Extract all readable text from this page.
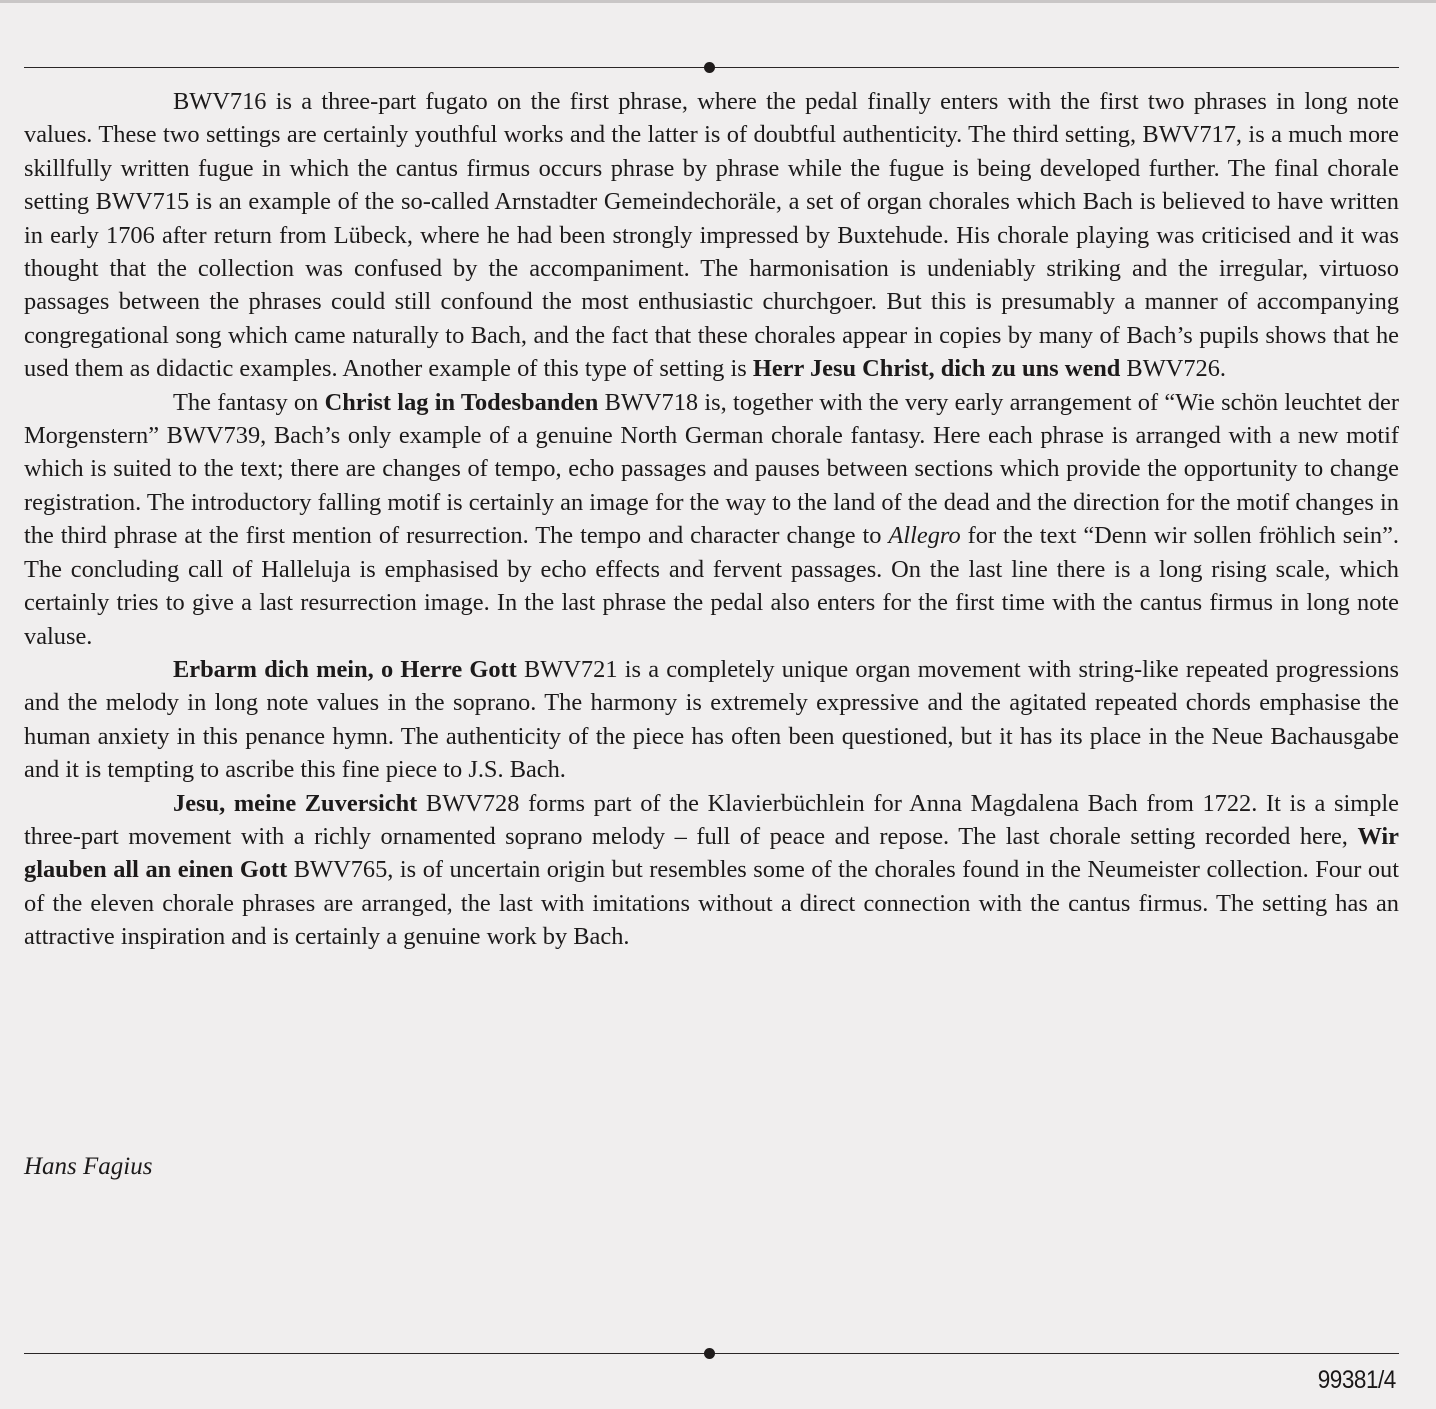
BWV716 is a three-part fugato on the first phrase, where the pedal finally enters with the first two phrases in long note values. These two settings are certainly youthful works and the latter is of doubtful authenticity. The third setting, BWV717, is a much more skillfully written fugue in which the cantus firmus occurs phrase by phrase while the fugue is being developed further. The final chorale setting BWV715 is an example of the so-called Arnstadter Gemeindechoräle, a set of organ chorales which Bach is believed to have written in early 1706 after return from Lübeck, where he had been strongly impressed by Buxtehude. His chorale playing was criticised and it was thought that the collection was confused by the accompaniment. The harmonisation is undeniably striking and the irregular, virtuoso passages between the phrases could still confound the most enthusiastic churchgoer. But this is presumably a manner of accompanying congregational song which came naturally to Bach, and the fact that these chorales appear in copies by many of Bach’s pupils shows that he used them as didactic examples. Another example of this type of setting is Herr Jesu Christ, dich zu uns wend BWV726.

The fantasy on Christ lag in Todesbanden BWV718 is, together with the very early arrangement of “Wie schön leuchtet der Morgenstern” BWV739, Bach’s only example of a genuine North German chorale fantasy. Here each phrase is arranged with a new motif which is suited to the text; there are changes of tempo, echo passages and pauses between sections which provide the opportunity to change registration. The introductory falling motif is certainly an image for the way to the land of the dead and the direction for the motif changes in the third phrase at the first mention of resurrection. The tempo and character change to Allegro for the text “Denn wir sollen fröhlich sein”. The concluding call of Halleluja is emphasised by echo effects and fervent passages. On the last line there is a long rising scale, which certainly tries to give a last resurrection image. In the last phrase the pedal also enters for the first time with the cantus firmus in long note valuse.

Erbarm dich mein, o Herre Gott BWV721 is a completely unique organ movement with string-like repeated progressions and the melody in long note values in the soprano. The harmony is extremely expressive and the agitated repeated chords emphasise the human anxiety in this penance hymn. The authenticity of the piece has often been questioned, but it has its place in the Neue Bachausgabe and it is tempting to ascribe this fine piece to J.S. Bach.

Jesu, meine Zuversicht BWV728 forms part of the Klavierbüchlein for Anna Magdalena Bach from 1722. It is a simple three-part movement with a richly ornamented soprano melody – full of peace and repose. The last chorale setting recorded here, Wir glauben all an einen Gott BWV765, is of uncertain origin but resembles some of the chorales found in the Neumeister collection. Four out of the eleven chorale phrases are arranged, the last with imitations without a direct connection with the cantus firmus. The setting has an attractive inspiration and is certainly a genuine work by Bach.

Hans Fagius
99381/4
